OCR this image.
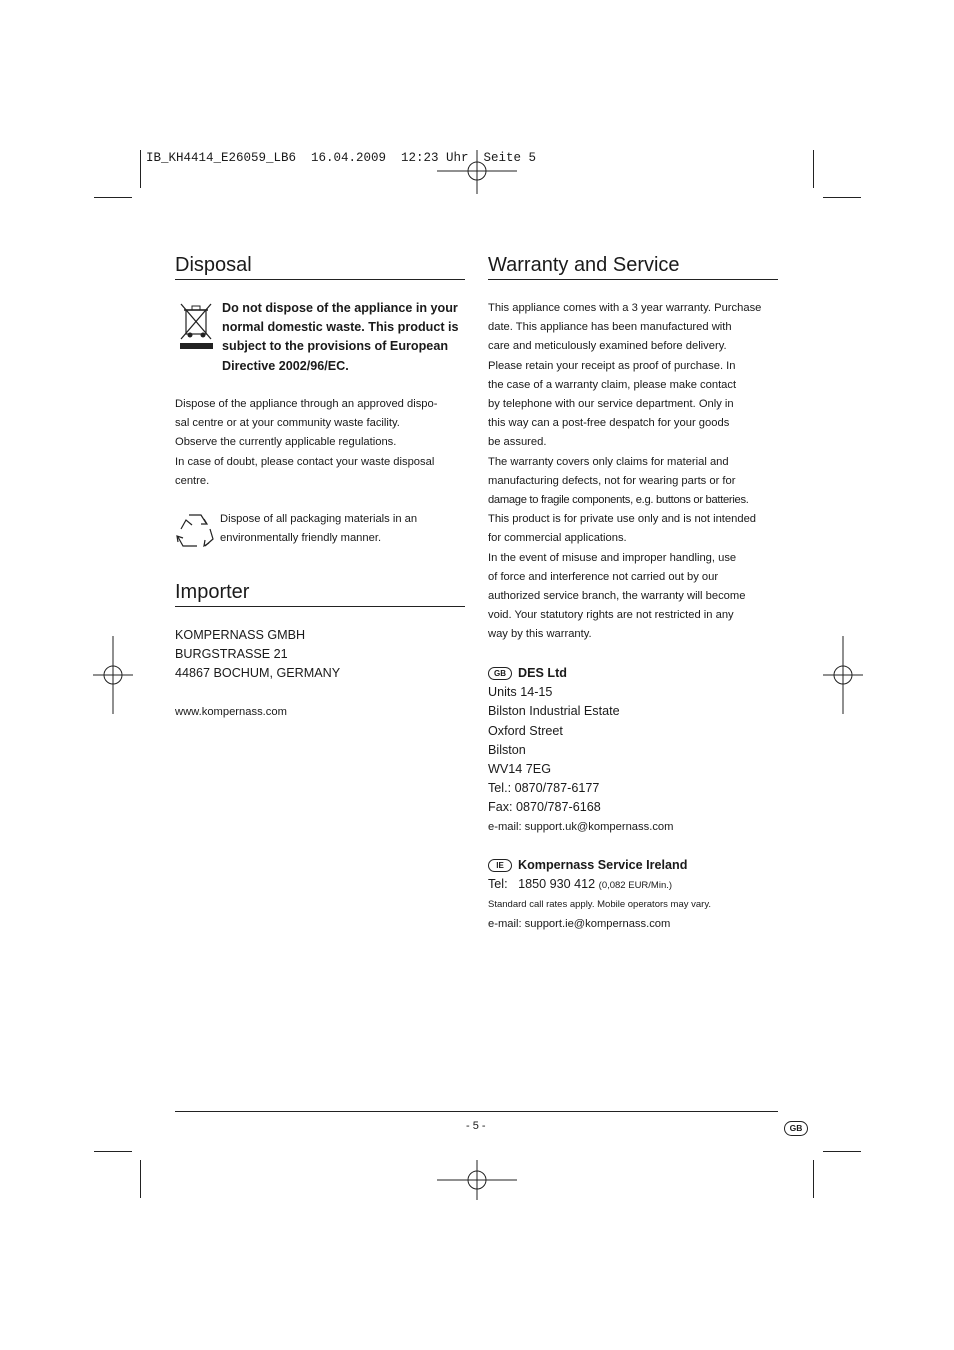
IB_KH4414_E26059_LB6  16.04.2009  12:23 Uhr  Seite 5
Disposal
Do not dispose of the appliance in your
normal domestic waste. This product is
subject to the provisions of European
Directive 2002/96/EC.
Dispose of the appliance through an approved dispo-
sal centre or at your community waste facility.
Observe the currently applicable regulations.
In case of doubt, please contact your waste disposal
centre.
Dispose of all packaging materials in an
environmentally friendly manner.
Importer
KOMPERNASS GMBH
BURGSTRASSE 21
44867 BOCHUM, GERMANY
www.kompernass.com
Warranty and Service
This appliance comes with a 3 year warranty. Purchase
date. This appliance has been manufactured with
care and meticulously examined before delivery.
Please retain your receipt as proof of purchase. In
the case of a warranty claim, please make contact
by telephone with our service department. Only in
this way can a post-free despatch for your goods
be assured.
The warranty covers only claims for material and
manufacturing defects, not for wearing parts or for
damage to fragile components, e.g. buttons or batteries.
This product is for private use only and is not intended
for commercial applications.
In the event of misuse and improper handling, use
of force and interference not carried out by our
authorized service branch, the warranty will become
void. Your statutory rights are not restricted in any
way by this warranty.
GB DES Ltd
Units 14-15
Bilston Industrial Estate
Oxford Street
Bilston
WV14 7EG
Tel.: 0870/787-6177
Fax: 0870/787-6168
e-mail: support.uk@kompernass.com
IE Kompernass Service Ireland
Tel: 1850 930 412 (0,082 EUR/Min.)
Standard call rates apply. Mobile operators may vary.
e-mail: support.ie@kompernass.com
- 5 -	GB
